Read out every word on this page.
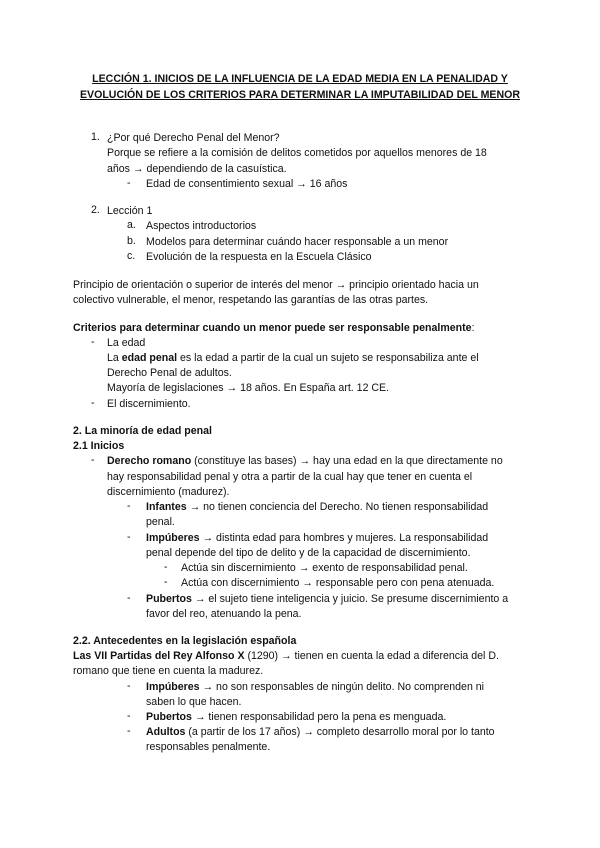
LECCIÓN 1. INICIOS DE LA INFLUENCIA DE LA EDAD MEDIA EN LA PENALIDAD Y EVOLUCIÓN DE LOS CRITERIOS PARA DETERMINAR LA IMPUTABILIDAD DEL MENOR
1. ¿Por qué Derecho Penal del Menor?
Porque se refiere a la comisión de delitos cometidos por aquellos menores de 18
años → dependiendo de la casuística.
- Edad de consentimiento sexual → 16 años
2. Lección 1
a. Aspectos introductorios
b. Modelos para determinar cuándo hacer responsable a un menor
c. Evolución de la respuesta en la Escuela Clásico
Principio de orientación o superior de interés del menor → principio orientado hacia un
colectivo vulnerable, el menor, respetando las garantías de las otras partes.
Criterios para determinar cuando un menor puede ser responsable penalmente:
- La edad
La edad penal es la edad a partir de la cual un sujeto se responsabiliza ante el
Derecho Penal de adultos.
Mayoría de legislaciones → 18 años. En España art. 12 CE.
- El discernimiento.
2. La minoría de edad penal
2.1 Inicios
- Derecho romano (constituye las bases) → hay una edad en la que directamente no
hay responsabilidad penal y otra a partir de la cual hay que tener en cuenta el
discernimiento (madurez).
- Infantes → no tienen conciencia del Derecho. No tienen responsabilidad
penal.
- Impúberes → distinta edad para hombres y mujeres. La responsabilidad
penal depende del tipo de delito y de la capacidad de discernimiento.
- Actúa sin discernimiento → exento de responsabilidad penal.
- Actúa con discernimiento → responsable pero con pena atenuada.
- Pubertos → el sujeto tiene inteligencia y juicio. Se presume discernimiento a
favor del reo, atenuando la pena.
2.2. Antecedentes en la legislación española
Las VII Partidas del Rey Alfonso X (1290) → tienen en cuenta la edad a diferencia del D.
romano que tiene en cuenta la madurez.
- Impúberes → no son responsables de ningún delito. No comprenden ni
saben lo que hacen.
- Pubertos → tienen responsabilidad pero la pena es menguada.
- Adultos (a partir de los 17 años) → completo desarrollo moral por lo tanto
responsables penalmente.
